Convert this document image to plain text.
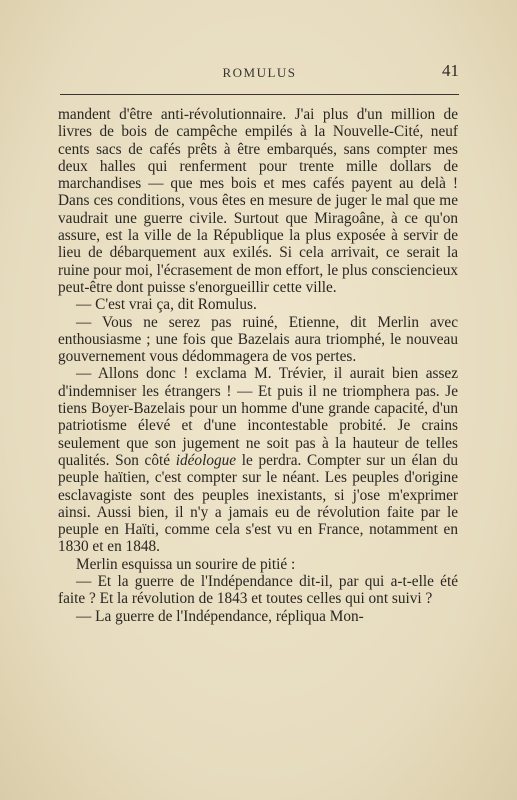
ROMULUS	41

mandent d'être anti-révolutionnaire. J'ai plus d'un million de livres de bois de campêche empilés à la Nouvelle-Cité, neuf cents sacs de cafés prêts à être embarqués, sans compter mes deux halles qui renferment pour trente mille dollars de marchandises — que mes bois et mes cafés payent au delà ! Dans ces conditions, vous êtes en mesure de juger le mal que me vaudrait une guerre civile. Surtout que Miragoâne, à ce qu'on assure, est la ville de la République la plus exposée à servir de lieu de débarquement aux exilés. Si cela arrivait, ce serait la ruine pour moi, l'écrasement de mon effort, le plus consciencieux peut-être dont puisse s'enorgueillir cette ville.

— C'est vrai ça, dit Romulus.

— Vous ne serez pas ruiné, Etienne, dit Merlin avec enthousiasme ; une fois que Bazelais aura triomphé, le nouveau gouvernement vous dédommagera de vos pertes.

— Allons donc ! exclama M. Trévier, il aurait bien assez d'indemniser les étrangers ! — Et puis il ne triomphera pas. Je tiens Boyer-Bazelais pour un homme d'une grande capacité, d'un patriotisme élevé et d'une incontestable probité. Je crains seulement que son jugement ne soit pas à la hauteur de telles qualités. Son côté idéologue le perdra. Compter sur un élan du peuple haïtien, c'est compter sur le néant. Les peuples d'origine esclavagiste sont des peuples inexistants, si j'ose m'exprimer ainsi. Aussi bien, il n'y a jamais eu de révolution faite par le peuple en Haïti, comme cela s'est vu en France, notamment en 1830 et en 1848.

Merlin esquissa un sourire de pitié :

— Et la guerre de l'Indépendance dit-il, par qui a-t-elle été faite ? Et la révolution de 1843 et toutes celles qui ont suivi ?

— La guerre de l'Indépendance, répliqua Mon-
